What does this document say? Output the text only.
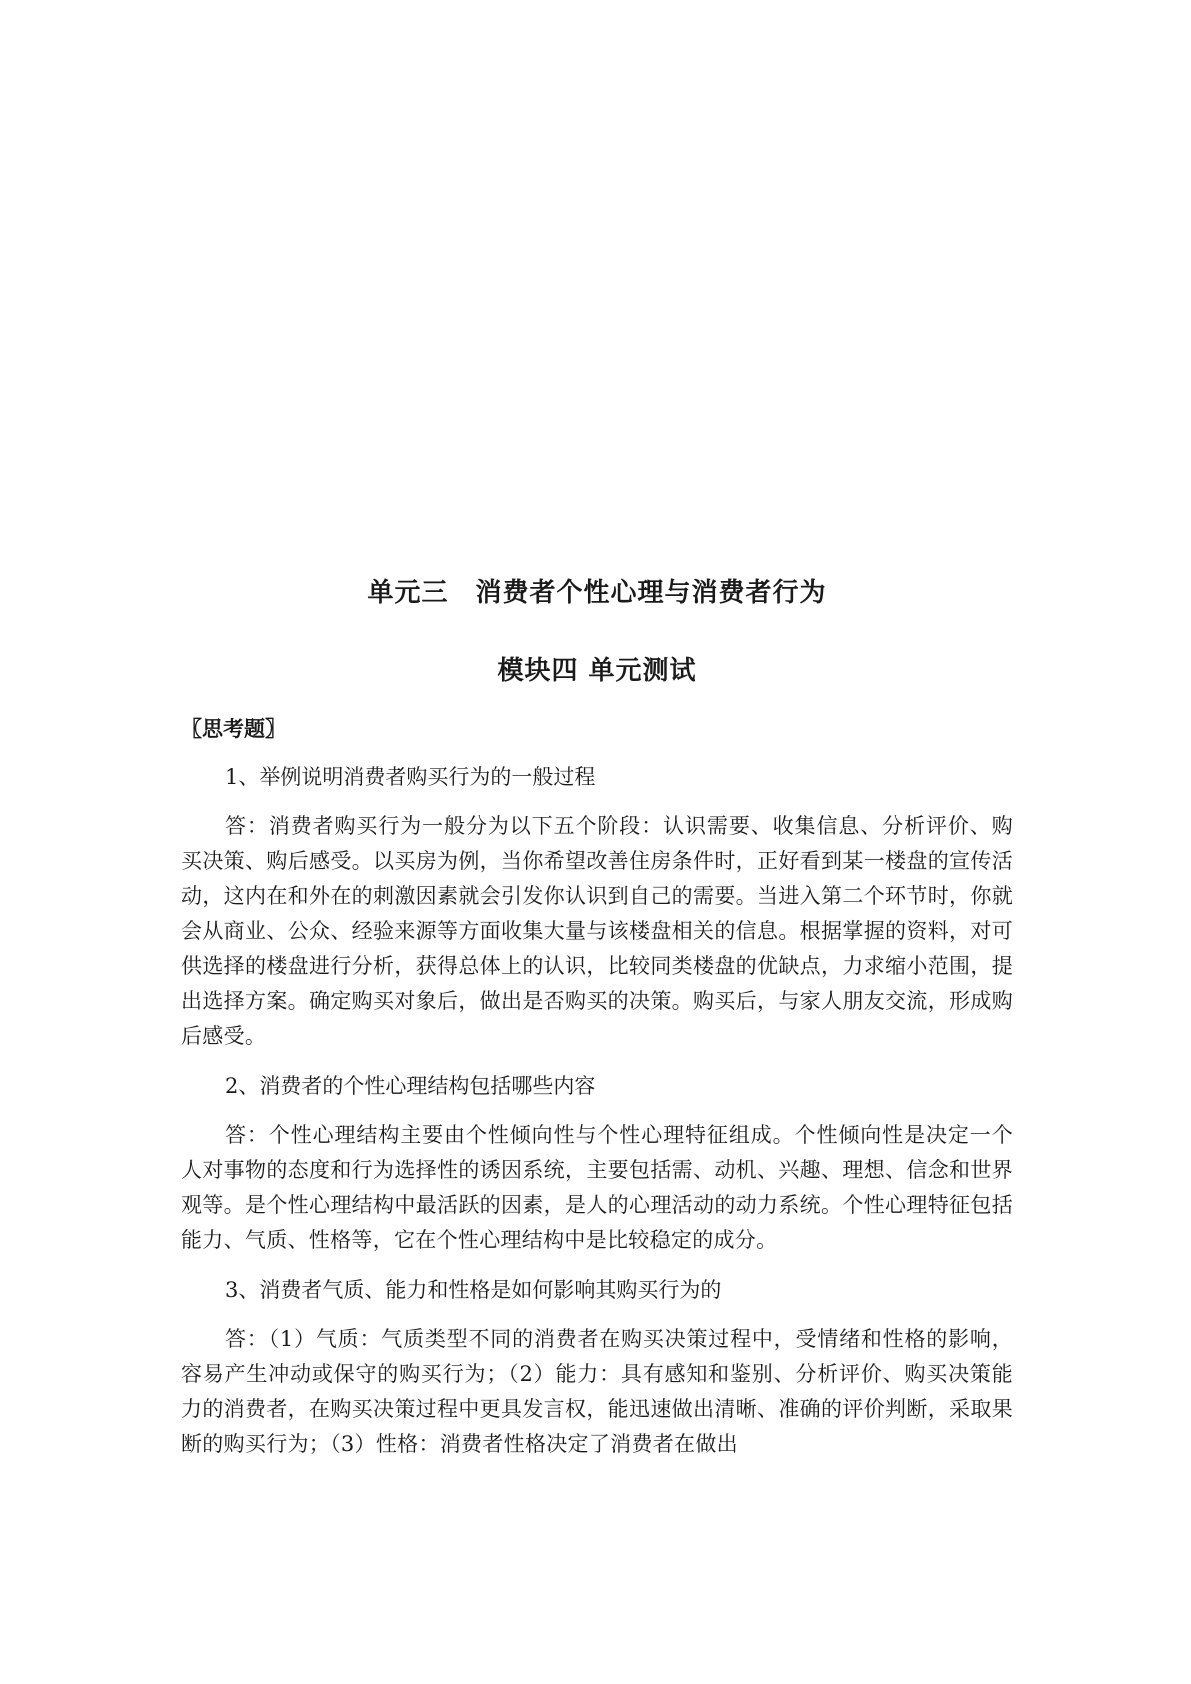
单元三　消费者个性心理与消费者行为
模块四 单元测试

〖思考题〗

1、举例说明消费者购买行为的一般过程

答：消费者购买行为一般分为以下五个阶段：认识需要、收集信息、分析评价、购买决策、购后感受。以买房为例，当你希望改善住房条件时，正好看到某一楼盘的宣传活动，这内在和外在的刺激因素就会引发你认识到自己的需要。当进入第二个环节时，你就会从商业、公众、经验来源等方面收集大量与该楼盘相关的信息。根据掌握的资料，对可供选择的楼盘进行分析，获得总体上的认识，比较同类楼盘的优缺点，力求缩小范围，提出选择方案。确定购买对象后，做出是否购买的决策。购买后，与家人朋友交流，形成购后感受。

2、消费者的个性心理结构包括哪些内容

答：个性心理结构主要由个性倾向性与个性心理特征组成。个性倾向性是决定一个人对事物的态度和行为选择性的诱因系统，主要包括需、动机、兴趣、理想、信念和世界观等。是个性心理结构中最活跃的因素，是人的心理活动的动力系统。个性心理特征包括能力、气质、性格等，它在个性心理结构中是比较稳定的成分。

3、消费者气质、能力和性格是如何影响其购买行为的

答：（1）气质：气质类型不同的消费者在购买决策过程中，受情绪和性格的影响，容易产生冲动或保守的购买行为；（2）能力：具有感知和鉴别、分析评价、购买决策能力的消费者，在购买决策过程中更具发言权，能迅速做出清晰、准确的评价判断，采取果断的购买行为；（3）性格：消费者性格决定了消费者在做出
